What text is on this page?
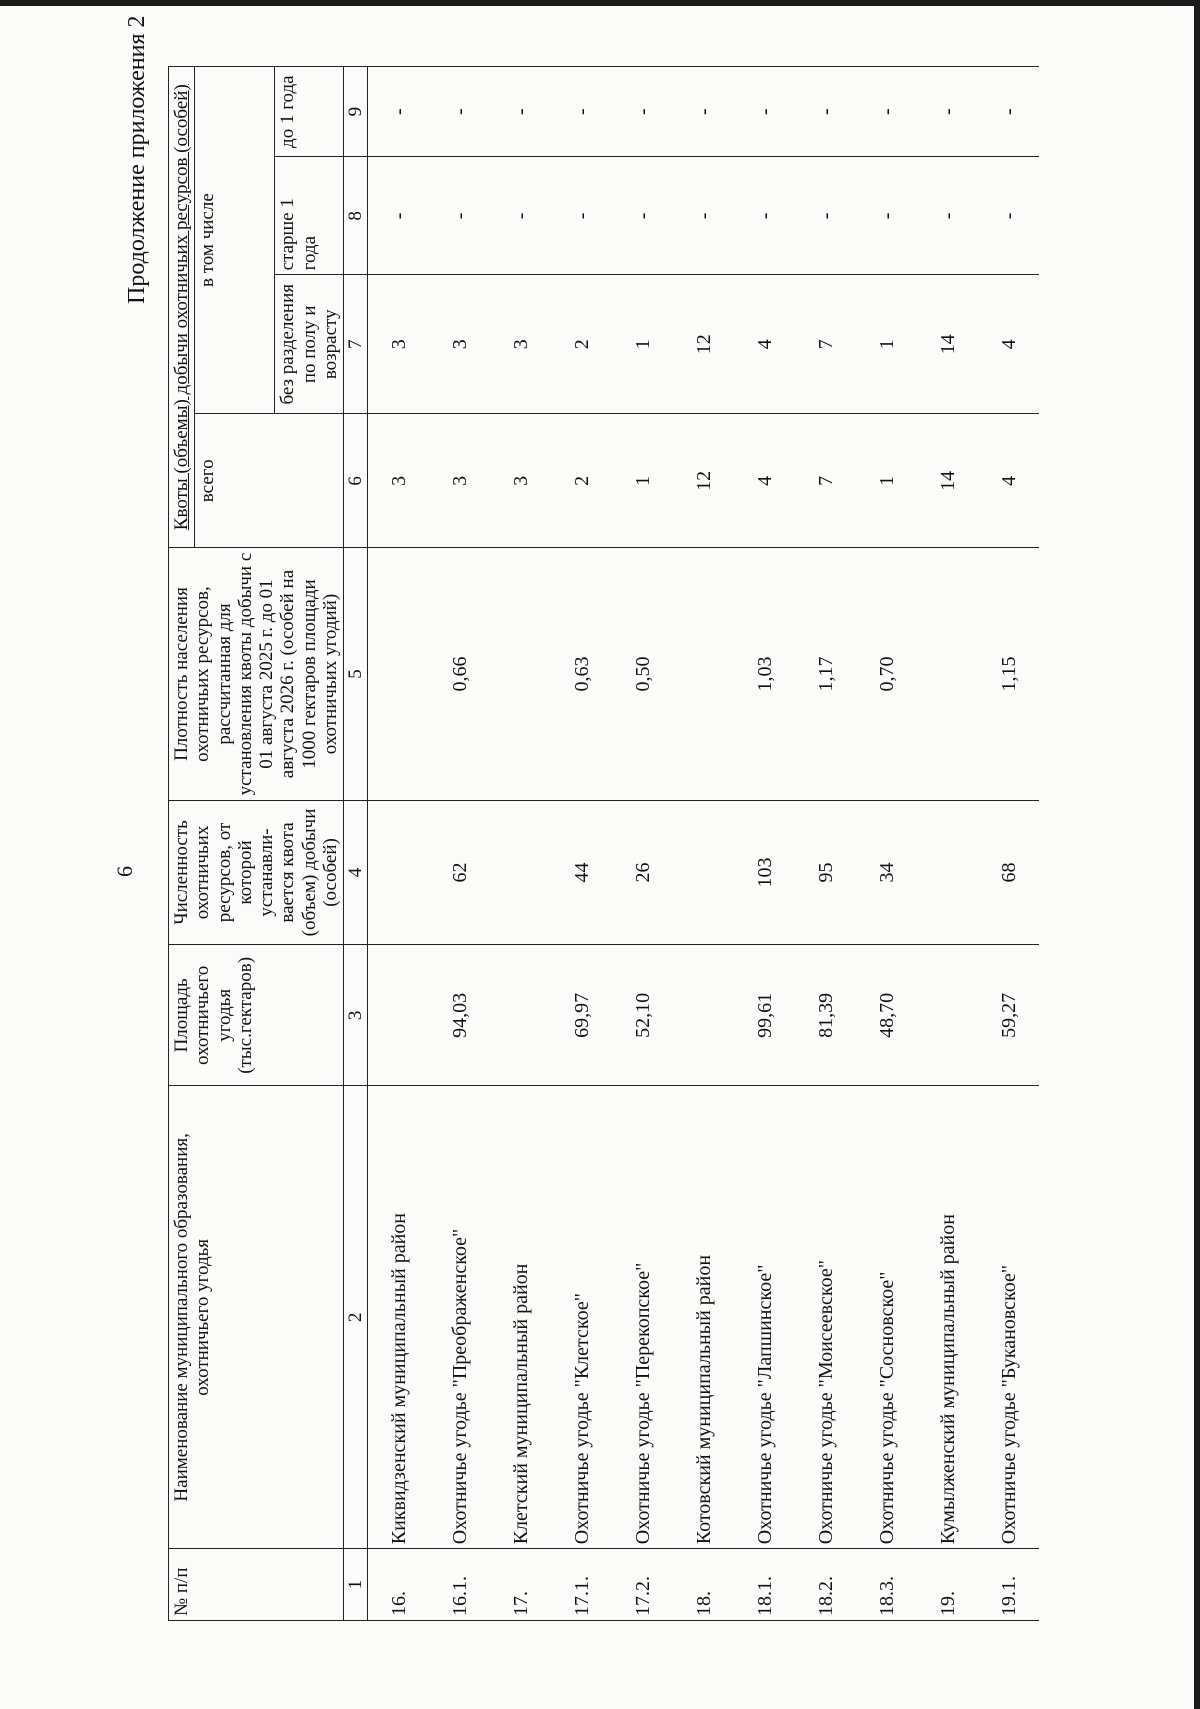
6
Продолжение приложения 2
№ п/п	Наименование муниципального образования, охотничьего угодья	Площадь охотничьего угодья (тыс.гектаров)	Численность охотничьих ресурсов, от которой устанавли-вается квота (объем) добычи (особей)	Плотность населения охотничьих ресурсов, рассчитанная для установления квоты добычи с 01 августа 2025 г. до 01 августа 2026 г. (особей на 1000 гектаров площади охотничьих угодий)	Квоты (объемы) добычи охотничьих ресурсов (особей)			
					всего	в том числе		
						без разделения по полу и возрасту	старше 1 года	до 1 года
1	2	3	4	5	6	7	8	9
16.	Киквидзенский муниципальный район				3	3	-	-
16.1.	Охотничье угодье "Преображенское"	94,03	62	0,66	3	3	-	-
17.	Клетский муниципальный район				3	3	-	-
17.1.	Охотничье угодье "Клетское"	69,97	44	0,63	2	2	-	-
17.2.	Охотничье угодье "Перекопское"	52,10	26	0,50	1	1	-	-
18.	Котовский муниципальный район				12	12	-	-
18.1.	Охотничье угодье "Лапшинское"	99,61	103	1,03	4	4	-	-
18.2.	Охотничье угодье "Моисеевское"	81,39	95	1,17	7	7	-	-
18.3.	Охотничье угодье "Сосновское"	48,70	34	0,70	1	1	-	-
19.	Кумылженский муниципальный район				14	14	-	-
19.1.	Охотничье угодье "Букановское"	59,27	68	1,15	4	4	-	-
